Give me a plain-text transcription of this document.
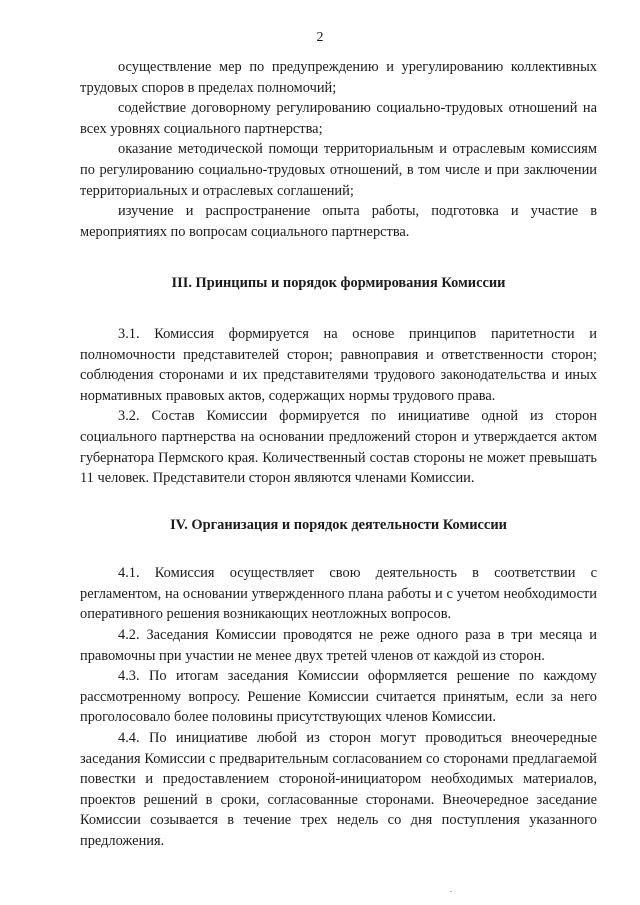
2

осуществление мер по предупреждению и урегулированию коллективных трудовых споров в пределах полномочий;

содействие договорному регулированию социально-трудовых отношений на всех уровнях социального партнерства;

оказание методической помощи территориальным и отраслевым комиссиям по регулированию социально-трудовых отношений, в том числе и при заключении территориальных и отраслевых соглашений;

изучение и распространение опыта работы, подготовка и участие в мероприятиях по вопросам социального партнерства.

III. Принципы и порядок формирования Комиссии

3.1. Комиссия формируется на основе принципов паритетности и полномочности представителей сторон; равноправия и ответственности сторон; соблюдения сторонами и их представителями трудового законодательства и иных нормативных правовых актов, содержащих нормы трудового права.

3.2. Состав Комиссии формируется по инициативе одной из сторон социального партнерства на основании предложений сторон и утверждается актом губернатора Пермского края. Количественный состав стороны не может превышать 11 человек. Представители сторон являются членами Комиссии.

IV. Организация и порядок деятельности Комиссии

4.1. Комиссия осуществляет свою деятельность в соответствии с регламентом, на основании утвержденного плана работы и с учетом необходимости оперативного решения возникающих неотложных вопросов.

4.2. Заседания Комиссии проводятся не реже одного раза в три месяца и правомочны при участии не менее двух третей членов от каждой из сторон.

4.3. По итогам заседания Комиссии оформляется решение по каждому рассмотренному вопросу. Решение Комиссии считается принятым, если за него проголосовало более половины присутствующих членов Комиссии.

4.4. По инициативе любой из сторон могут проводиться внеочередные заседания Комиссии с предварительным согласованием со сторонами предлагаемой повестки и предоставлением стороной-инициатором необходимых материалов, проектов решений в сроки, согласованные сторонами. Внеочередное заседание Комиссии созывается в течение трех недель со дня поступления указанного предложения.
